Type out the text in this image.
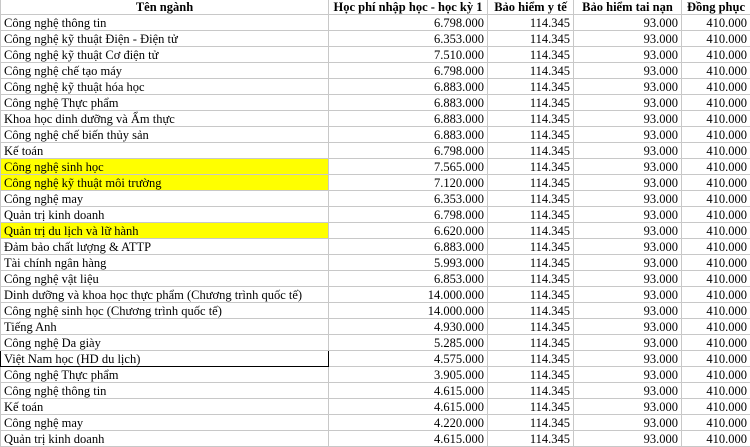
Tên ngành	Học phí nhập học - học kỳ 1	Bảo hiểm y tế	Bảo hiểm tai nạn	Đồng phục
Công nghệ thông tin	6.798.000	114.345	93.000	410.000
Công nghệ kỹ thuật Điện - Điện tử	6.353.000	114.345	93.000	410.000
Công nghệ kỹ thuật Cơ điện tử	7.510.000	114.345	93.000	410.000
Công nghệ chế tạo máy	6.798.000	114.345	93.000	410.000
Công nghệ kỹ thuật hóa học	6.883.000	114.345	93.000	410.000
Công nghệ Thực phẩm	6.883.000	114.345	93.000	410.000
Khoa học dinh dưỡng và Ẩm thực	6.883.000	114.345	93.000	410.000
Công nghệ chế biến thủy sản	6.883.000	114.345	93.000	410.000
Kế toán	6.798.000	114.345	93.000	410.000
Công nghệ sinh học	7.565.000	114.345	93.000	410.000
Công nghệ kỹ thuật môi trường	7.120.000	114.345	93.000	410.000
Công nghệ may	6.353.000	114.345	93.000	410.000
Quản trị kinh doanh	6.798.000	114.345	93.000	410.000
Quản trị du lịch và lữ hành	6.620.000	114.345	93.000	410.000
Đảm bảo chất lượng & ATTP	6.883.000	114.345	93.000	410.000
Tài chính ngân hàng	5.993.000	114.345	93.000	410.000
Công nghệ vật liệu	6.853.000	114.345	93.000	410.000
Dinh dưỡng và khoa học thực phẩm (Chương trình quốc tế)	14.000.000	114.345	93.000	410.000
Công nghệ sinh học (Chương trình quốc tế)	14.000.000	114.345	93.000	410.000
Tiếng Anh	4.930.000	114.345	93.000	410.000
Công nghệ Da giày	5.285.000	114.345	93.000	410.000
Việt Nam học (HD du lịch)	4.575.000	114.345	93.000	410.000
Công nghệ Thực phẩm	3.905.000	114.345	93.000	410.000
Công nghệ thông tin	4.615.000	114.345	93.000	410.000
Kế toán	4.615.000	114.345	93.000	410.000
Công nghệ may	4.220.000	114.345	93.000	410.000
Quản trị kinh doanh	4.615.000	114.345	93.000	410.000
